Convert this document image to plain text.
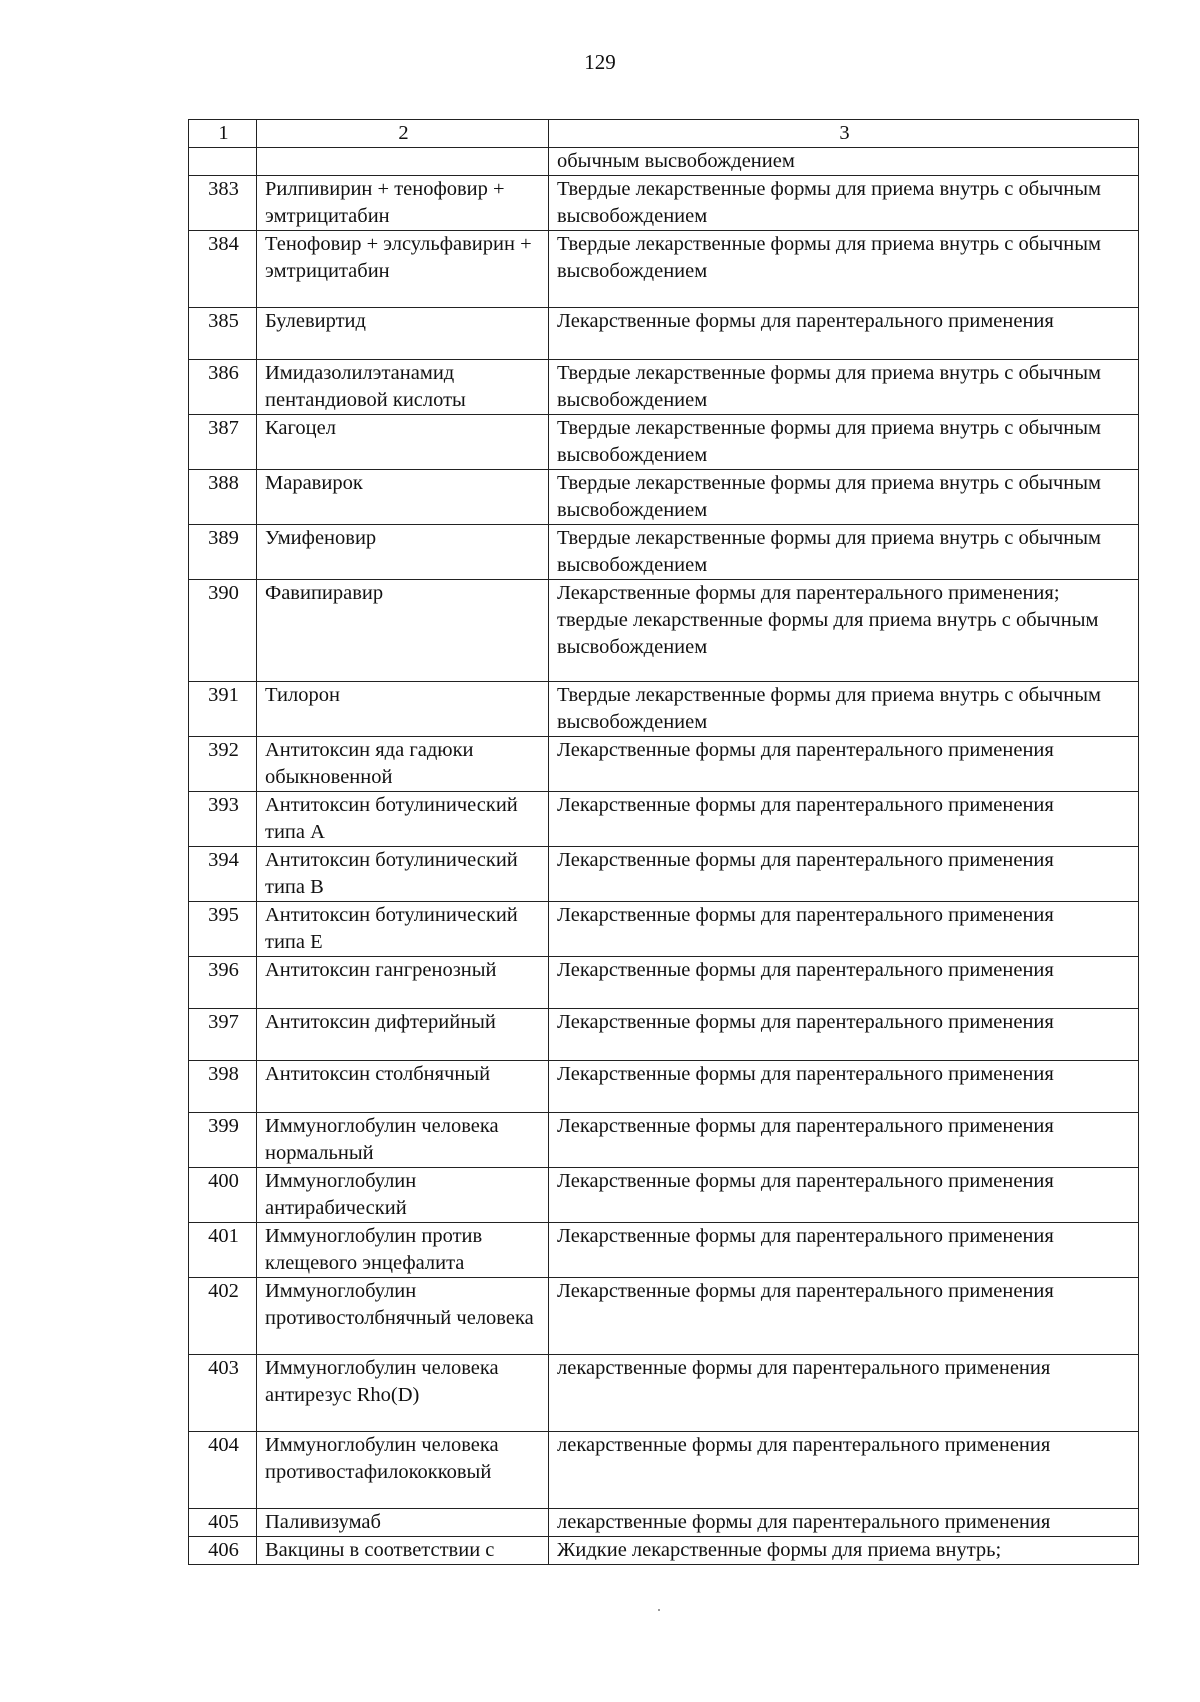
129
1	2	3
		обычным высвобождением
383	Рилпивирин + тенофовир + эмтрицитабин	Твердые лекарственные формы для приема внутрь с обычным высвобождением
384	Тенофовир + элсульфавирин + эмтрицитабин	Твердые лекарственные формы для приема внутрь с обычным высвобождением
385	Булевиртид	Лекарственные формы для парентерального применения
386	Имидазолилэтанамид пентандиовой кислоты	Твердые лекарственные формы для приема внутрь с обычным высвобождением
387	Кагоцел	Твердые лекарственные формы для приема внутрь с обычным высвобождением
388	Маравирок	Твердые лекарственные формы для приема внутрь с обычным высвобождением
389	Умифеновир	Твердые лекарственные формы для приема внутрь с обычным высвобождением
390	Фавипиравир	Лекарственные формы для парентерального применения;
твердые лекарственные формы для приема внутрь с обычным высвобождением
391	Тилорон	Твердые лекарственные формы для приема внутрь с обычным высвобождением
392	Антитоксин яда гадюки обыкновенной	Лекарственные формы для парентерального применения
393	Антитоксин ботулинический типа А	Лекарственные формы для парентерального применения
394	Антитоксин ботулинический типа В	Лекарственные формы для парентерального применения
395	Антитоксин ботулинический типа Е	Лекарственные формы для парентерального применения
396	Антитоксин гангренозный	Лекарственные формы для парентерального применения
397	Антитоксин дифтерийный	Лекарственные формы для парентерального применения
398	Антитоксин столбнячный	Лекарственные формы для парентерального применения
399	Иммуноглобулин человека нормальный	Лекарственные формы для парентерального применения
400	Иммуноглобулин антирабический	Лекарственные формы для парентерального применения
401	Иммуноглобулин против клещевого энцефалита	Лекарственные формы для парентерального применения
402	Иммуноглобулин противостолбнячный человека	Лекарственные формы для парентерального применения
403	Иммуноглобулин человека антирезус Rho(D)	лекарственные формы для парентерального применения
404	Иммуноглобулин человека противостафилококковый	лекарственные формы для парентерального применения
405	Паливизумаб	лекарственные формы для парентерального применения
406	Вакцины в соответствии с	Жидкие лекарственные формы для приема внутрь;
